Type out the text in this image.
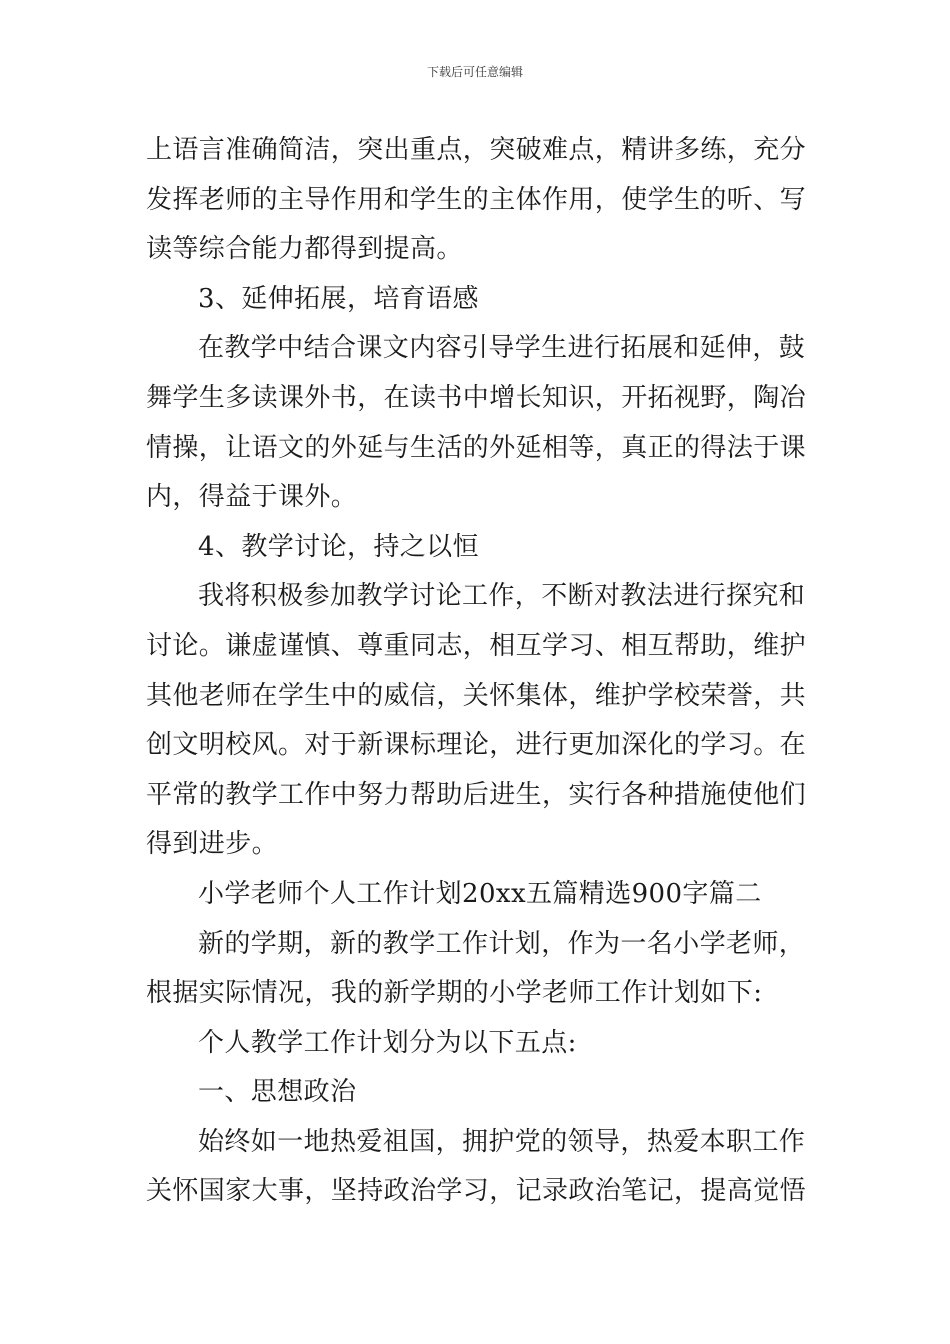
下载后可任意编辑
上语言准确简洁，突出重点，突破难点，精讲多练，充分
发挥老师的主导作用和学生的主体作用，使学生的听、写
读等综合能力都得到提高。
3、延伸拓展，培育语感
在教学中结合课文内容引导学生进行拓展和延伸，鼓
舞学生多读课外书，在读书中增长知识，开拓视野，陶冶
情操，让语文的外延与生活的外延相等，真正的得法于课
内，得益于课外。
4、教学讨论，持之以恒
我将积极参加教学讨论工作，不断对教法进行探究和
讨论。谦虚谨慎、尊重同志，相互学习、相互帮助，维护
其他老师在学生中的威信，关怀集体，维护学校荣誉，共
创文明校风。对于新课标理论，进行更加深化的学习。在
平常的教学工作中努力帮助后进生，实行各种措施使他们
得到进步。
小学老师个人工作计划20xx五篇精选900字篇二
新的学期，新的教学工作计划，作为一名小学老师，
根据实际情况，我的新学期的小学老师工作计划如下:
个人教学工作计划分为以下五点:
一、思想政治
始终如一地热爱祖国，拥护党的领导，热爱本职工作
关怀国家大事，坚持政治学习，记录政治笔记，提高觉悟
